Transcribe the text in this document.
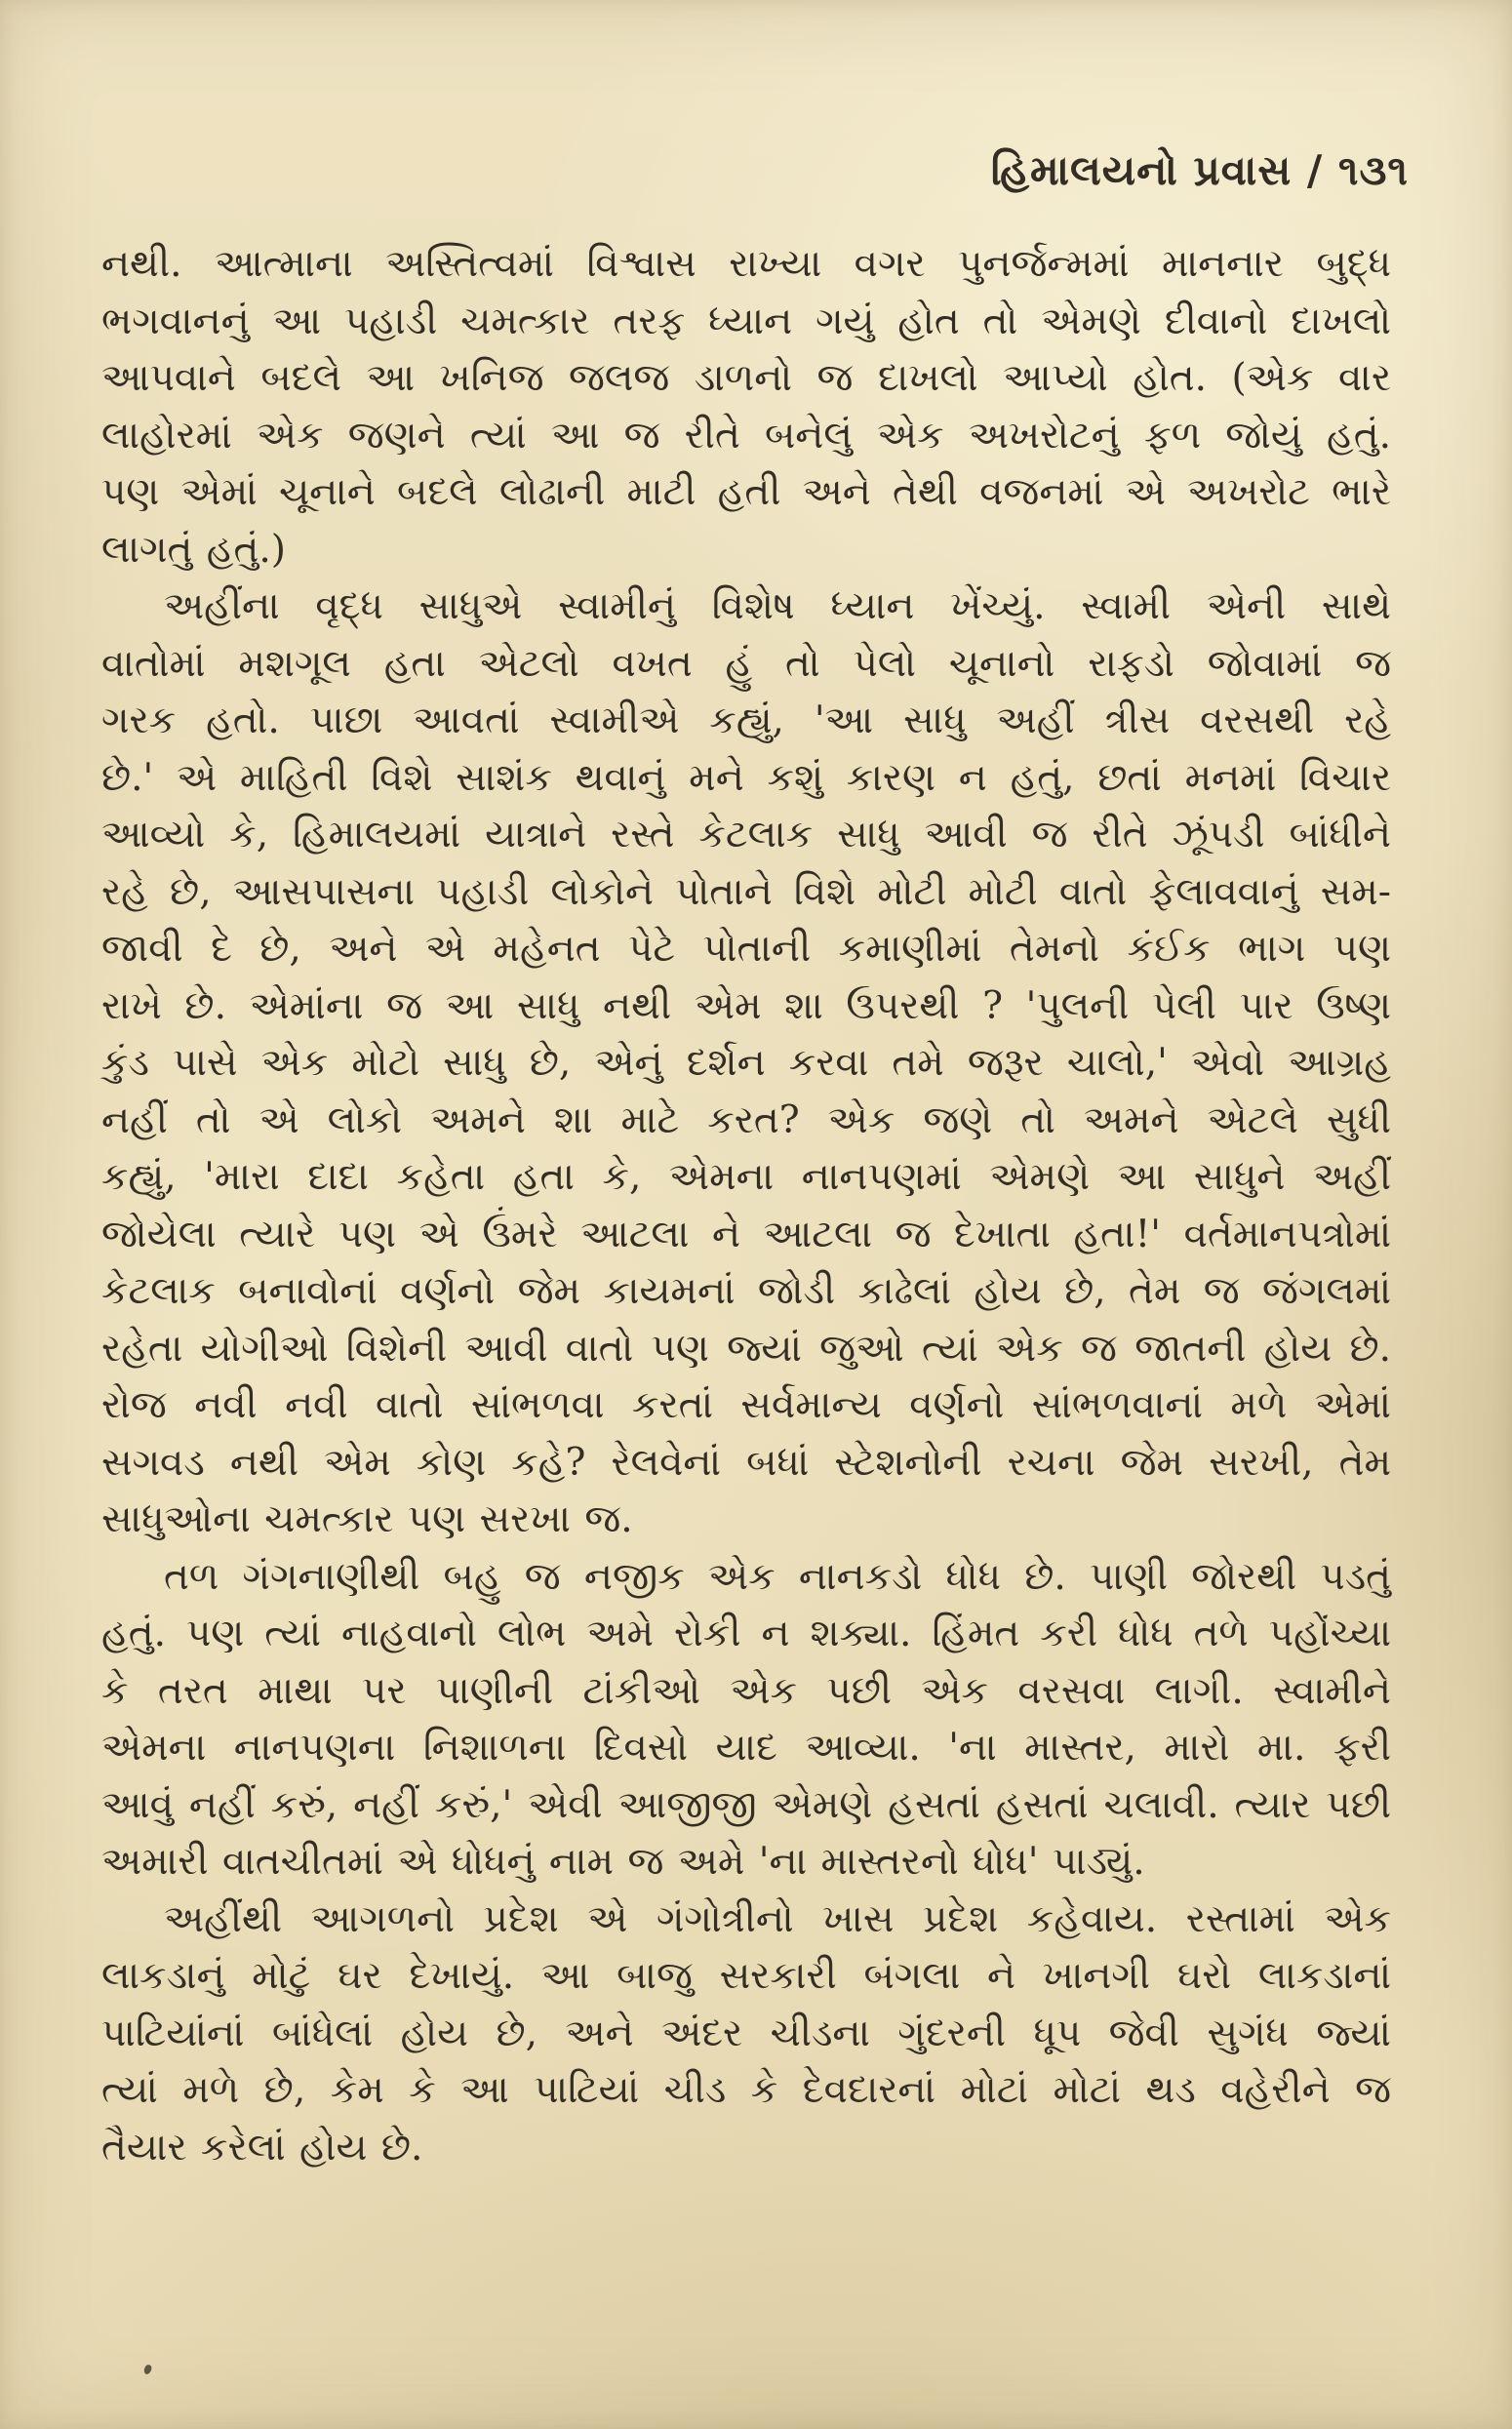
હિમાલયનો પ્રવાસ / ૧૩૧
નથી. આત્માના અસ્તિત્વમાં વિશ્વાસ રાખ્યા વગર પુનર્જન્મમાં માનનાર બુદ્ધ
ભગવાનનું આ પહાડી ચમત્કાર તરફ ધ્યાન ગયું હોત તો એમણે દીવાનો દાખલો
આપવાને બદલે આ ખનિજ જલજ ડાળનો જ દાખલો આપ્યો હોત. (એક વાર
લાહોરમાં એક જણને ત્યાં આ જ રીતે બનેલું એક અખરોટનું ફળ જોયું હતું.
પણ એમાં ચૂનાને બદલે લોઢાની માટી હતી અને તેથી વજનમાં એ અખરોટ ભારે
લાગતું હતું.)
અહીંના વૃદ્ધ સાધુએ સ્વામીનું વિશેષ ધ્યાન ખેંચ્યું. સ્વામી એની સાથે
વાતોમાં મશગૂલ હતા એટલો વખત હું તો પેલો ચૂનાનો રાફડો જોવામાં જ
ગરક હતો. પાછા આવતાં સ્વામીએ કહ્યું, 'આ સાધુ અહીં ત્રીસ વરસથી રહે
છે.' એ માહિતી વિશે સાશંક થવાનું મને કશું કારણ ન હતું, છતાં મનમાં વિચાર
આવ્યો કે, હિમાલયમાં યાત્રાને રસ્તે કેટલાક સાધુ આવી જ રીતે ઝૂંપડી બાંધીને
રહે છે, આસપાસના પહાડી લોકોને પોતાને વિશે મોટી મોટી વાતો ફેલાવવાનું સમ-
જાવી દે છે, અને એ મહેનત પેટે પોતાની કમાણીમાં તેમનો કંઈક ભાગ પણ
રાખે છે. એમાંના જ આ સાધુ નથી એમ શા ઉપરથી ? 'પુલની પેલી પાર ઉષ્ણ
કુંડ પાસે એક મોટો સાધુ છે, એનું દર્શન કરવા તમે જરૂર ચાલો,' એવો આગ્રહ
નહીં તો એ લોકો અમને શા માટે કરત? એક જણે તો અમને એટલે સુધી
કહ્યું, 'મારા દાદા કહેતા હતા કે, એમના નાનપણમાં એમણે આ સાધુને અહીં
જોયેલા ત્યારે પણ એ ઉંમરે આટલા ને આટલા જ દેખાતા હતા!' વર્તમાનપત્રોમાં
કેટલાક બનાવોનાં વર્ણનો જેમ કાયમનાં જોડી કાઢેલાં હોય છે, તેમ જ જંગલમાં
રહેતા યોગીઓ વિશેની આવી વાતો પણ જ્યાં જુઓ ત્યાં એક જ જાતની હોય છે.
રોજ નવી નવી વાતો સાંભળવા કરતાં સર્વમાન્ય વર્ણનો સાંભળવાનાં મળે એમાં
સગવડ નથી એમ કોણ કહે? રેલવેનાં બધાં સ્ટેશનોની રચના જેમ સરખી, તેમ
સાધુઓના ચમત્કાર પણ સરખા જ.
તળ ગંગનાણીથી બહુ જ નજીક એક નાનકડો ધોધ છે. પાણી જોરથી પડતું
હતું. પણ ત્યાં નાહવાનો લોભ અમે રોકી ન શક્યા. હિંમત કરી ધોધ તળે પહોંચ્યા
કે તરત માથા પર પાણીની ટાંકીઓ એક પછી એક વરસવા લાગી. સ્વામીને
એમના નાનપણના નિશાળના દિવસો યાદ આવ્યા. 'ના માસ્તર, મારો મા. ફરી
આવું નહીં કરું, નહીં કરું,' એવી આજીજી એમણે હસતાં હસતાં ચલાવી. ત્યાર પછી
અમારી વાતચીતમાં એ ધોધનું નામ જ અમે 'ના માસ્તરનો ધોધ' પાડ્યું.
અહીંથી આગળનો પ્રદેશ એ ગંગોત્રીનો ખાસ પ્રદેશ કહેવાય. રસ્તામાં એક
લાકડાનું મોટું ઘર દેખાયું. આ બાજુ સરકારી બંગલા ને ખાનગી ઘરો લાકડાનાં
પાટિયાંનાં બાંધેલાં હોય છે, અને અંદર ચીડના ગુંદરની ધૂપ જેવી સુગંધ જ્યાં
ત્યાં મળે છે, કેમ કે આ પાટિયાં ચીડ કે દેવદારનાં મોટાં મોટાં થડ વહેરીને જ
તૈયાર કરેલાં હોય છે.
